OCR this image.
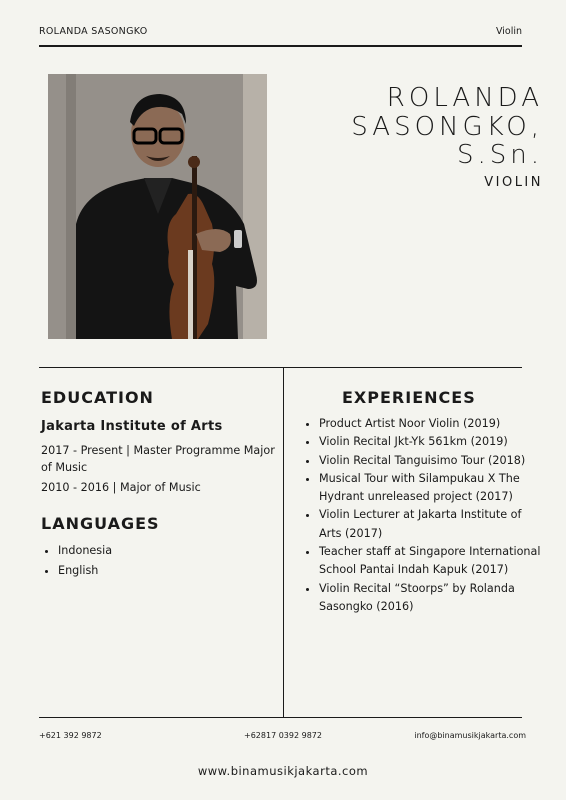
ROLANDA SASONGKO	Violin
ROLANDA
SASONGKO,
S.Sn.
VIOLIN
EDUCATION
Jakarta Institute of Arts
2017 - Present | Master Programme Major of Music
2010 - 2016 | Major of Music
LANGUAGES
• Indonesia
• English
EXPERIENCES
• Product Artist Noor Violin (2019)
• Violin Recital Jkt-Yk 561km (2019)
• Violin Recital Tanguisimo Tour (2018)
• Musical Tour with Silampukau X The Hydrant unreleased project (2017)
• Violin Lecturer at Jakarta Institute of Arts (2017)
• Teacher staff at Singapore International School Pantai Indah Kapuk (2017)
• Violin Recital “Stoorps” by Rolanda Sasongko (2016)
+621 392 9872	+62817 0392 9872	info@binamusikjakarta.com
www.binamusikjakarta.com
